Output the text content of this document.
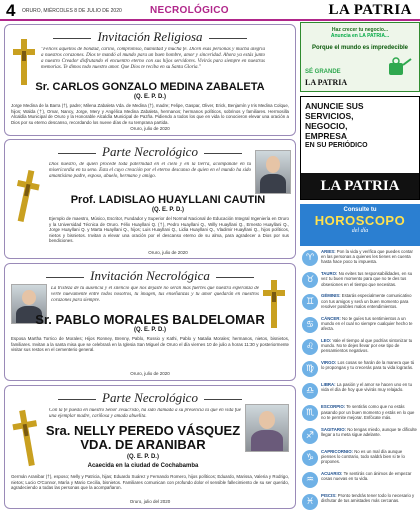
4 ORURO, MIÉRCOLES 8 DE JULIO DE 2020	NECROLÓGICO	LA PATRIA
Invitación Religiosa
"Felices aquellos de bondad, cariño, compromiso, humildad y mucha fe. Dicen esas personas y mucha alegría a nuestros corazones. Dios te mandó al mundo para un buen hombre, amor y sinceridad. Ahora ya estás junto a nuestro Creador disfrutando el encuentro eterno con sus hijos servidores. Vivirás para siempre en nuestras memorias. Te dimos todo nuestro amor. Que Dios te reciba en su Santa Gloria."
Sr. CARLOS GONZALO MEDINA ZABALETA
(Q. E. P. D.)
Jorge Medina de la Barra (†), padre; Milena Zabaleta Vda. de Medina (†), madre; Felipe, Gaspar, Oliver, Erick, Benjamín y Iris Medina Colque, hijos; Walda (†), Omar, Nancy, Jorge, Mery y Angélica Medina Zabaleta, hermanos; hermanos políticos, sobrinos y familiares. Hermosilla Alcaldía Municipal de Oruro y la Honorable Alcaldía Municipal de Pazña. Pidiendo a todos los que en vida lo conocieron elevar una oración a Dios por su eterno descanso, recordando los nueve días de su temprana partida.
Oruro, julio de 2020
Parte Necrológico
Dios nuestro, de quien procede toda paternidad en el cielo y en la tierra, acompáñale en tu misericordia en tu seno. Esta el cuyo creación por el eterno descanso de quien en el mundo ha sido amantísimo padre, esposo, abuelo, hermano y amigo.
Prof. LADISLAO HUAYLLANI CAUTIN
(Q. E. P. D.)
Ejemplo de maestro, Músico, Escritor, Fundador y Superior del Normal Nacional de Educación Integral Ingeniería en Oruro y la Universidad Técnica de Oruro. Félix Huayllani Q. (†), Pedro Huayllani Q., Willy Huayllani Q., Ernesto Huayllani Q., Jorge Huayllani Q. y Marta Huayllani Q., hijos; Luis Huayllani Q., Lidia Huayllani Q., Vladimir Huayllani Q., hijos políticos, nietos y bisnietos. Invitan a elevar una oración por el descanso eterno de su alma, para agradecer a Dios por sus bendiciones.
Oruro, julio de 2020
Invitación Necrológica
La tristeza de tu ausencia y el silencio que nos dejaste no serán más fuertes que nuestra esperanza de verte nuevamente entre todos nosotros, tu imagen, tus enseñanzas y tu amor quedarán en nuestros corazones para siempre.
Sr. PABLO MORALES BALDELOMAR
(Q. E. P. D.)
Esposa Martha Torrico de Morales; Hijos Ronney, Brenny, Pablo, Rossio y Kathi, Pablo y Natalia Morales; hermanos, nietos, bisnietos, familiares. Invitan a la santa misa que se celebrará en la Iglesia San Miguel de Oruro el día viernes 10 de julio a horas 11:30 y posteriormente visitar sus restos en el cementerio general.
Oruro, julio de 2020
Parte Necrológico
Con la fe puesta en nuestro Señor Jesucristo, ha sido llamada a su presencia la que en vida fue una ejemplar madre, cariñosa y amada abuelita.
Sra. NELLY PEREDO VÁSQUEZ VDA. DE ARANIBAR
(Q. E. P. D.)
Acaecida en la ciudad de Cochabamba
Germán Aranibar (†), esposo; Nelly y Patricia, hijas; Eduardo Suárez y Fernando Romero, hijos políticos; Eduardo, Marissa, Valeria y Rodrigo, nietos; Lucio O'Connor, María y Mario Cecilia, bisnietos. Familiares comunican con profundo dolor el sensible fallecimiento de su ser querido, agradeciendo a todas las personas que la acompañaron.
Oruro, julio del 2020
Haz crecer tu negocio...
Anuncia en LA PATRIA...
Porque el mundo es impredecible
SÉ GRANDE
LA PATRIA
ANUNCIE SUS
SERVICIOS,
NEGOCIO,
EMPRESA
EN SU PERIÓDICO
LA PATRIA
Consulte tu
HOROSCOPO
del día
♈
ARIES: Pon la vida y verifica que puedes contar en las personas a quienes les tienes en cuenta hasta hace poco tu impuesta.
♉
TAURO: No evites tus responsabilidades, en su vez tu buen momento para que no te des tus obsesiones en el tiempo que necesitas.
♊
GÉMINIS: Estarás especialmente comunicativo con tus amigos y será un buen momento para resolver posibles malos entendimientos.
♋
CÁNCER: No te guíes tus sentimientos a un mundo en el cual no siempre cualquier hecho te afecta.
♌
LEO: Vale el tiempo al que podrías sintonizar tu mundo. No te dejes llevar por ese tipo de pensamientos negativos.
♍
VIRGO: Los cosas se harán de la manera que tú lo propongas y tu crecerás para tu vida lograrás.
♎
LIBRA: La pasión y el amor se hacen uno en tu vida el día de hoy que vivirás muy relajado.
♏
ESCORPIO: Te sentirás como que no estás pasando por un buen momento y estás en lo que no te permite mejorar. Enfócate más.
♐
SAGITARIO: No tengas miedo, aunque te dificulte llegar a tu meta sigue adelante.
♑
CAPRICORNIO: No es un mal día aunque pienses lo contrario, todo saldrá bien si te lo propones.
♒
ACUARIO: Te sentirás con ánimos de empezar cosas nuevas en tu vida.
♓
PISCIS: Pronto tendrás tener todo lo necesario y disfrutar de tus amistades más cercanas.
